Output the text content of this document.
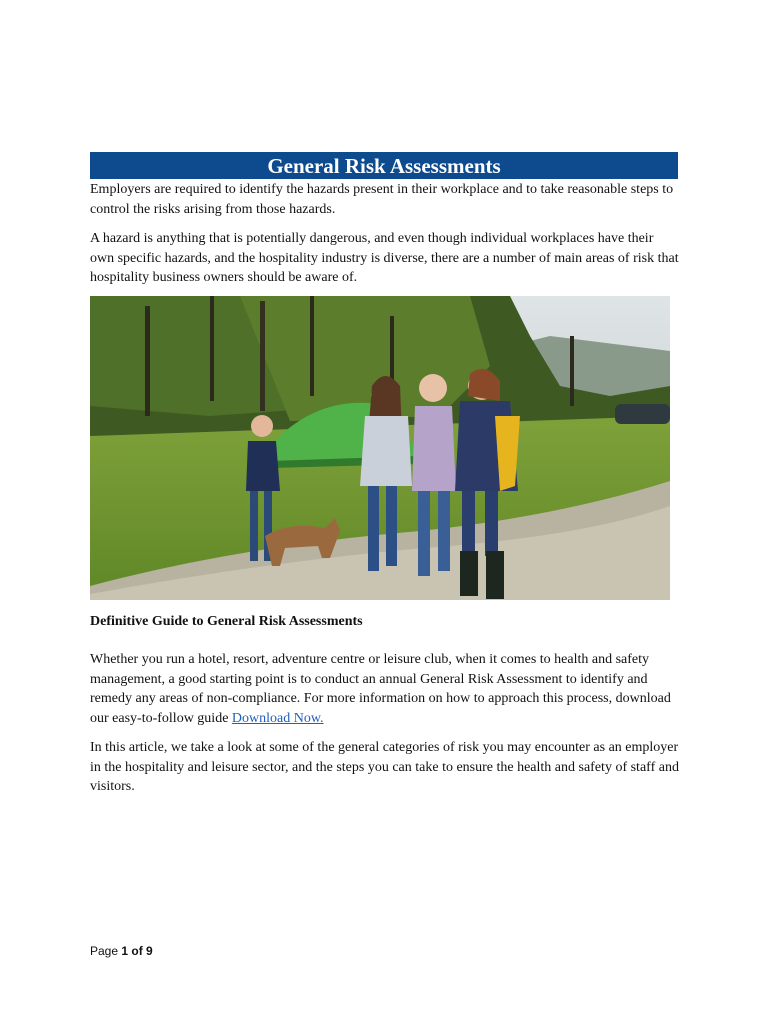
General Risk Assessments

Employers are required to identify the hazards present in their workplace and to take reasonable steps to control the risks arising from those hazards.

A hazard is anything that is potentially dangerous, and even though individual workplaces have their own specific hazards, and the hospitality industry is diverse, there are a number of main areas of risk that hospitality business owners should be aware of.

Definitive Guide to General Risk Assessments

Whether you run a hotel, resort, adventure centre or leisure club, when it comes to health and safety management, a good starting point is to conduct an annual General Risk Assessment to identify and remedy any areas of non-compliance. For more information on how to approach this process, download our easy-to-follow guide Download Now.

In this article, we take a look at some of the general categories of risk you may encounter as an employer in the hospitality and leisure sector, and the steps you can take to ensure the health and safety of staff and visitors.

Page 1 of 9
